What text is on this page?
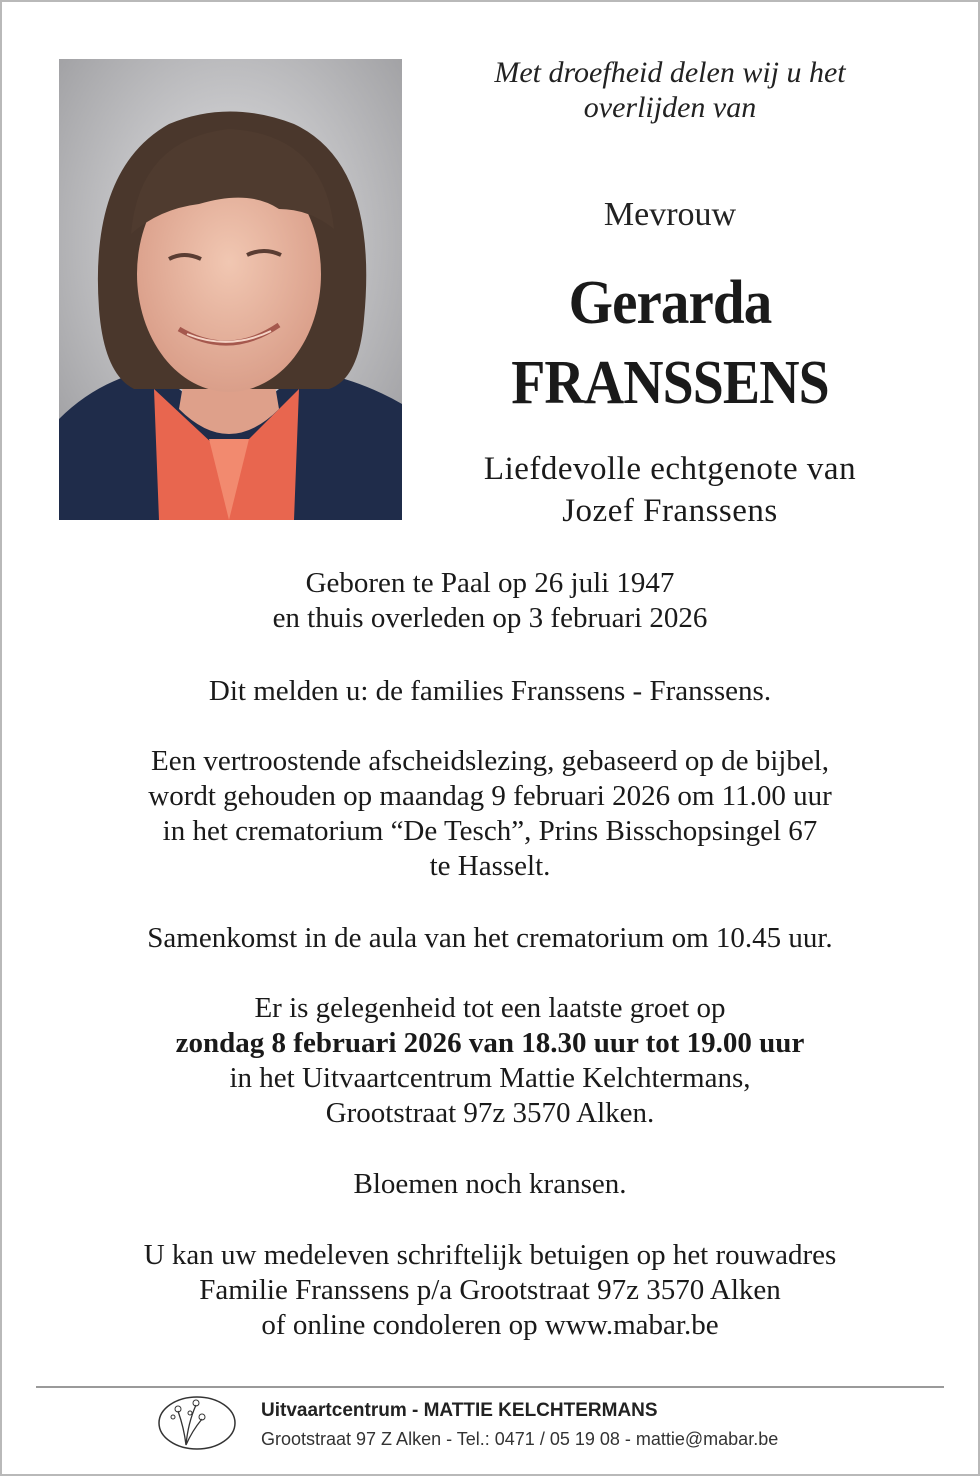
Met droefheid delen wij u het
overlijden van
Mevrouw
Gerarda
FRANSSENS
Liefdevolle echtgenote van
Jozef Franssens
Geboren te Paal op 26 juli 1947
en thuis overleden op 3 februari 2026
Dit melden u: de families Franssens - Franssens.
Een vertroostende afscheidslezing, gebaseerd op de bijbel,
wordt gehouden op maandag 9 februari 2026 om 11.00 uur
in het crematorium “De Tesch”, Prins Bisschopsingel 67
te Hasselt.
Samenkomst in de aula van het crematorium om 10.45 uur.
Er is gelegenheid tot een laatste groet op
zondag 8 februari 2026 van 18.30 uur tot 19.00 uur
in het Uitvaartcentrum Mattie Kelchtermans,
Grootstraat 97z 3570 Alken.
Bloemen noch kransen.
U kan uw medeleven schriftelijk betuigen op het rouwadres
Familie Franssens p/a Grootstraat 97z 3570 Alken
of online condoleren op www.mabar.be
Uitvaartcentrum - MATTIE KELCHTERMANS
Grootstraat 97 Z Alken - Tel.: 0471 / 05 19 08 - mattie@mabar.be
